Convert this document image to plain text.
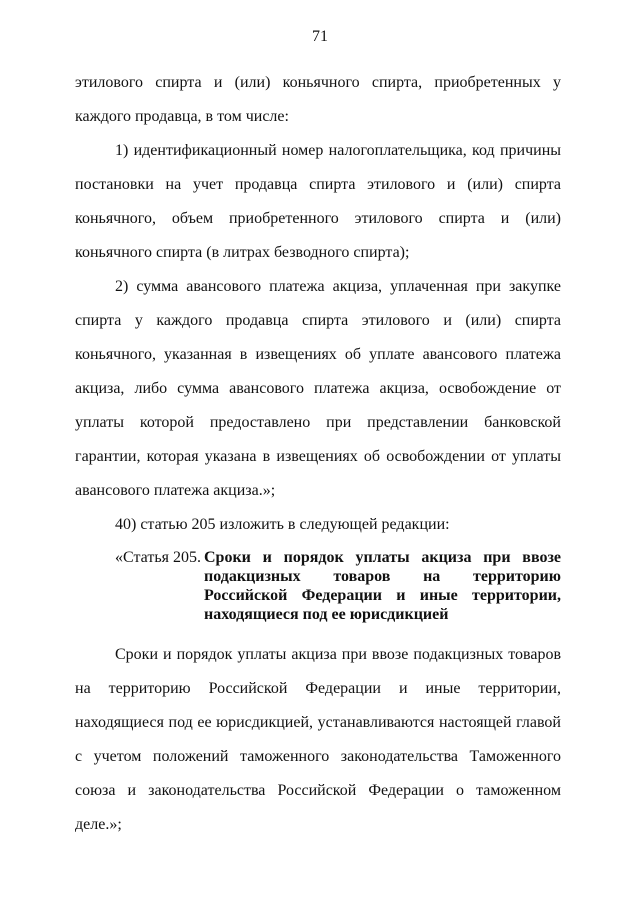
71

этилового спирта и (или) коньячного спирта, приобретенных у каждого продавца, в том числе:

1) идентификационный номер налогоплательщика, код причины постановки на учет продавца спирта этилового и (или) спирта коньячного, объем приобретенного этилового спирта и (или) коньячного спирта (в литрах безводного спирта);

2) сумма авансового платежа акциза, уплаченная при закупке спирта у каждого продавца спирта этилового и (или) спирта коньячного, указанная в извещениях об уплате авансового платежа акциза, либо сумма авансового платежа акциза, освобождение от уплаты которой предоставлено при представлении банковской гарантии, которая указана в извещениях об освобождении от уплаты авансового платежа акциза.»;

40) статью 205 изложить в следующей редакции:

«Статья 205. Сроки и порядок уплаты акциза при ввозе подакцизных товаров на территорию Российской Федерации и иные территории, находящиеся под ее юрисдикцией

Сроки и порядок уплаты акциза при ввозе подакцизных товаров на территорию Российской Федерации и иные территории, находящиеся под ее юрисдикцией, устанавливаются настоящей главой с учетом положений таможенного законодательства Таможенного союза и законодательства Российской Федерации о таможенном деле.»;
